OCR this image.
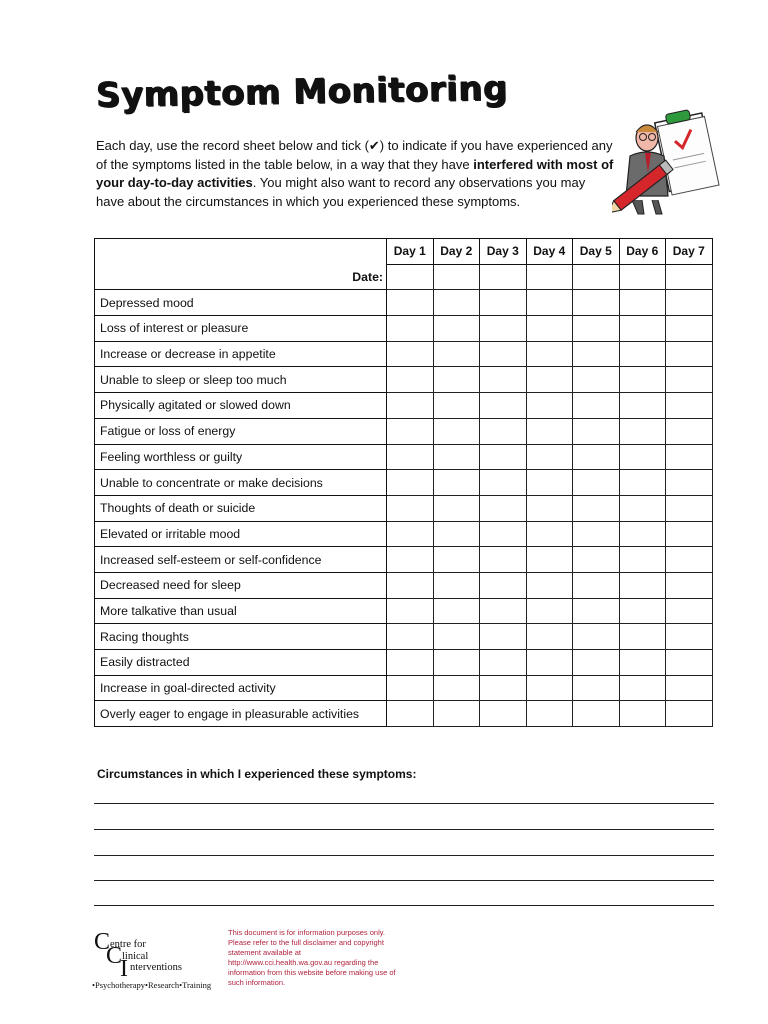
Symptom Monitoring
Each day, use the record sheet below and tick (✔) to indicate if you have experienced any of the symptoms listed in the table below, in a way that they have interfered with most of your day-to-day activities. You might also want to record any observations you may have about the circumstances in which you experienced these symptoms.
	Day 1	Day 2	Day 3	Day 4	Day 5	Day 6	Day 7
Date:							
Depressed mood							
Loss of interest or pleasure							
Increase or decrease in appetite							
Unable to sleep or sleep too much							
Physically agitated or slowed down							
Fatigue or loss of energy							
Feeling worthless or guilty							
Unable to concentrate or make decisions							
Thoughts of death or suicide							
Elevated or irritable mood							
Increased self-esteem or self-confidence							
Decreased need for sleep							
More talkative than usual							
Racing thoughts							
Easily distracted							
Increase in goal-directed activity							
Overly eager to engage in pleasurable activities							
Circumstances in which I experienced these symptoms:
C entre for
C linical
I nterventions
•Psychotherapy•Research•Training
This document is for information purposes only. Please refer to the full disclaimer and copyright statement available at http://www.cci.health.wa.gov.au regarding the information from this website before making use of such information.
